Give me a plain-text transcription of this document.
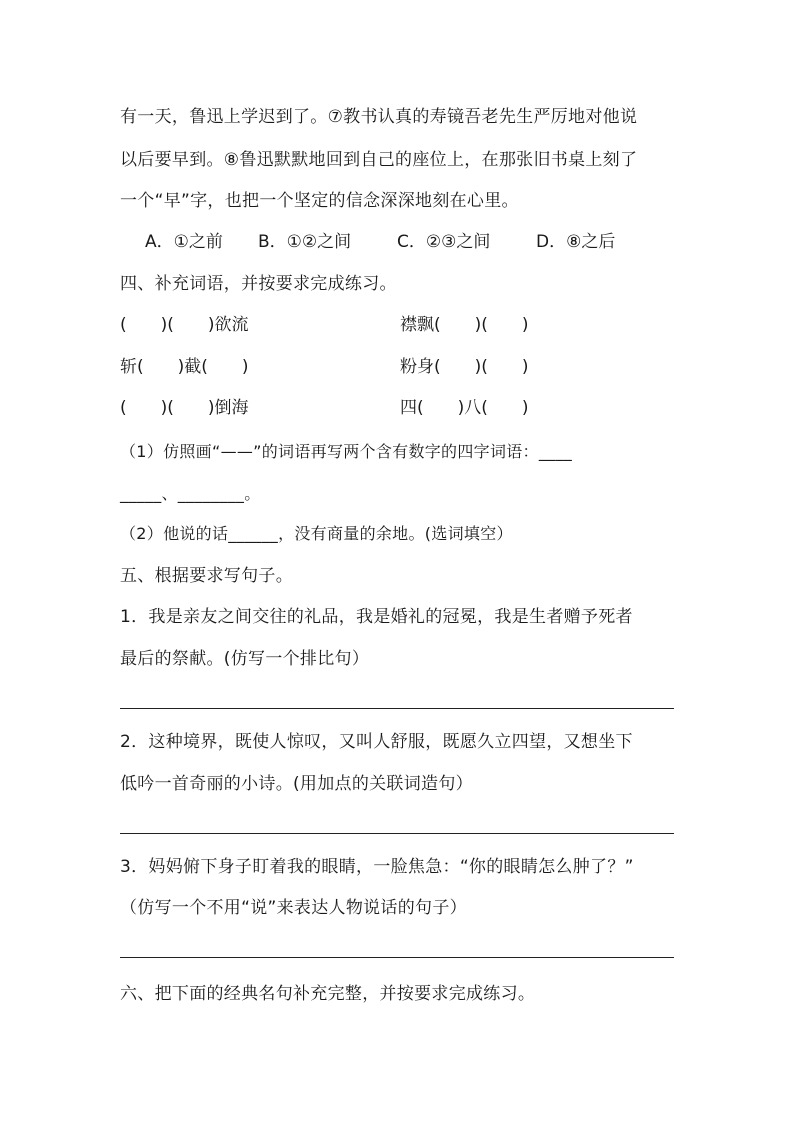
有一天，鲁迅上学迟到了。⑦教书认真的寿镜吾老先生严厉地对他说
以后要早到。⑧鲁迅默默地回到自己的座位上，在那张旧书桌上刻了
一个“早”字，也把一个坚定的信念深深地刻在心里。
A．①之前 B．①②之间	C．②③之间	D．⑧之后
四、补充词语，并按要求完成练习。
(　　)(　　)欲流	襟飘(　　)(　　)
斩(　　)截(　　)	粉身(　　)(　　)
(　　)(　　)倒海	四(　　)八(　　)
（1）仿照画“——”的词语再写两个含有数字的四字词语：____
_____、________。
（2）他说的话______，没有商量的余地。(选词填空）
五、根据要求写句子。
1．我是亲友之间交往的礼品，我是婚礼的冠冕，我是生者赠予死者
最后的祭献。(仿写一个排比句）
2．这种境界，既使人惊叹，又叫人舒服，既愿久立四望，又想坐下
低吟一首奇丽的小诗。(用加点的关联词造句）
3．妈妈俯下身子盯着我的眼睛，一脸焦急：“你的眼睛怎么肿了？”
（仿写一个不用“说”来表达人物说话的句子）
六、把下面的经典名句补充完整，并按要求完成练习。
